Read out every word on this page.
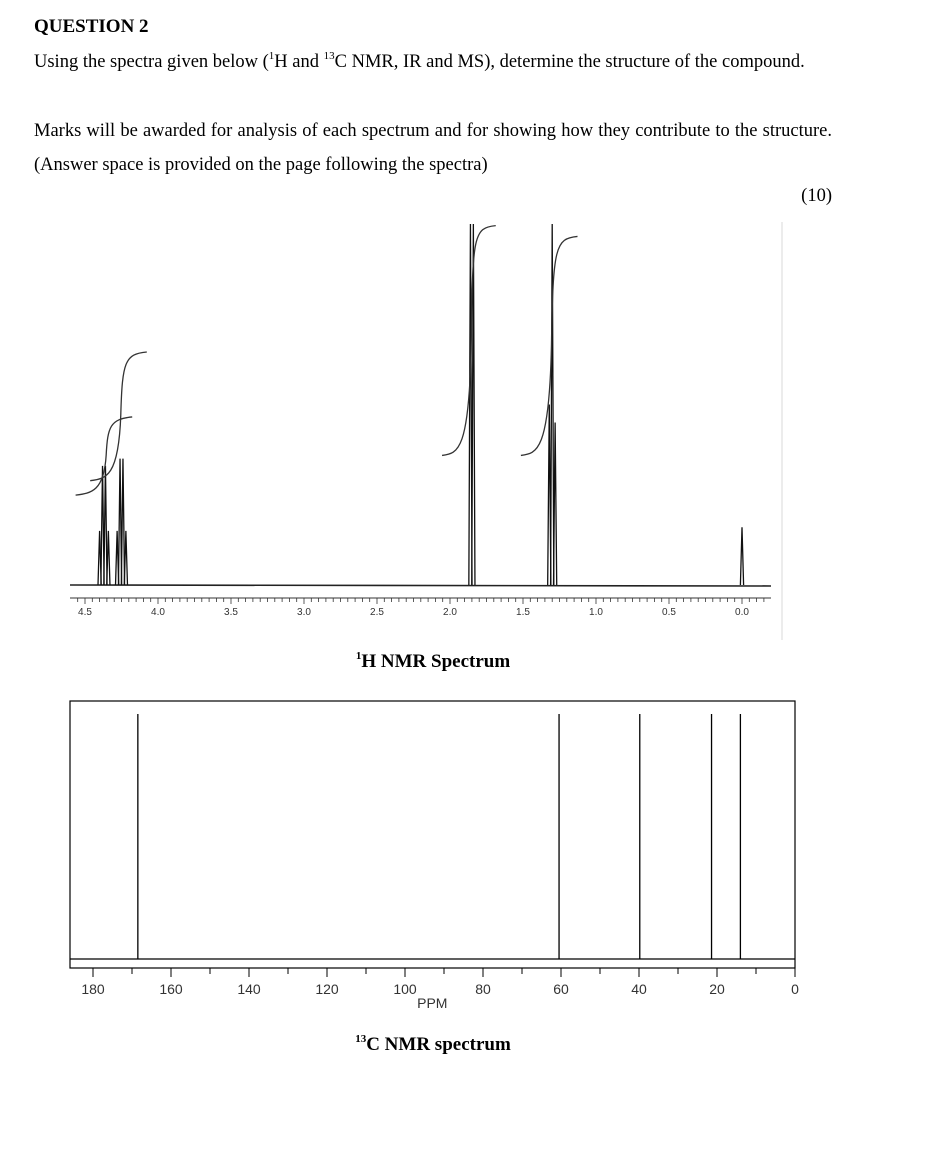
QUESTION 2
Using the spectra given below ($^1$H and $^{13}$C NMR, IR and MS), determine the structure of the compound.
Marks will be awarded for analysis of each spectrum and for showing how they contribute to the structure. (Answer space is provided on the page following the spectra)
(10)
4.5	4.0	3.5	3.0	2.5	2.0	1.5	1.0	0.5	0.0
180	160	140	120	100	80	60	40	20	0
PPM
$^1$H NMR Spectrum
$^{13}$C NMR spectrum
